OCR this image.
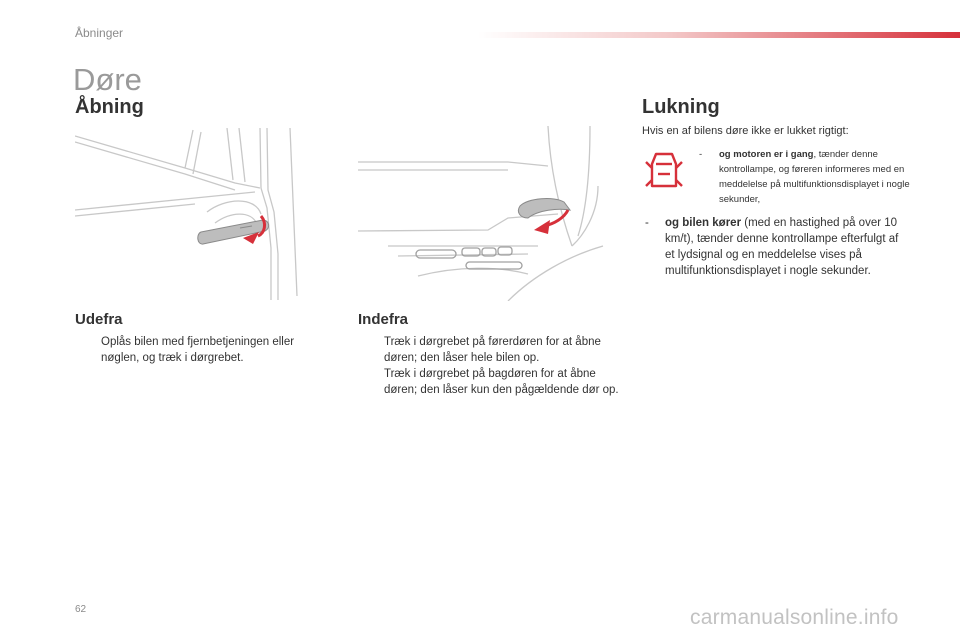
Åbninger
Døre
Åbning
Udefra
Oplås bilen med fjernbetjeningen eller nøglen, og træk i dørgrebet.
Indefra
Træk i dørgrebet på førerdøren for at åbne døren; den låser hele bilen op.
Træk i dørgrebet på bagdøren for at åbne døren; den låser kun den pågældende dør op.
Lukning
Hvis en af bilens døre ikke er lukket rigtigt:
-	og motoren er i gang, tænder denne kontrollampe, og føreren informeres med en meddelelse på multifunktionsdisplayet i nogle sekunder,
-	og bilen kører (med en hastighed på over 10 km/t), tænder denne kontrollampe efterfulgt af et lydsignal og en meddelelse vises på multifunktionsdisplayet i nogle sekunder.
62	carmanualsonline.info
